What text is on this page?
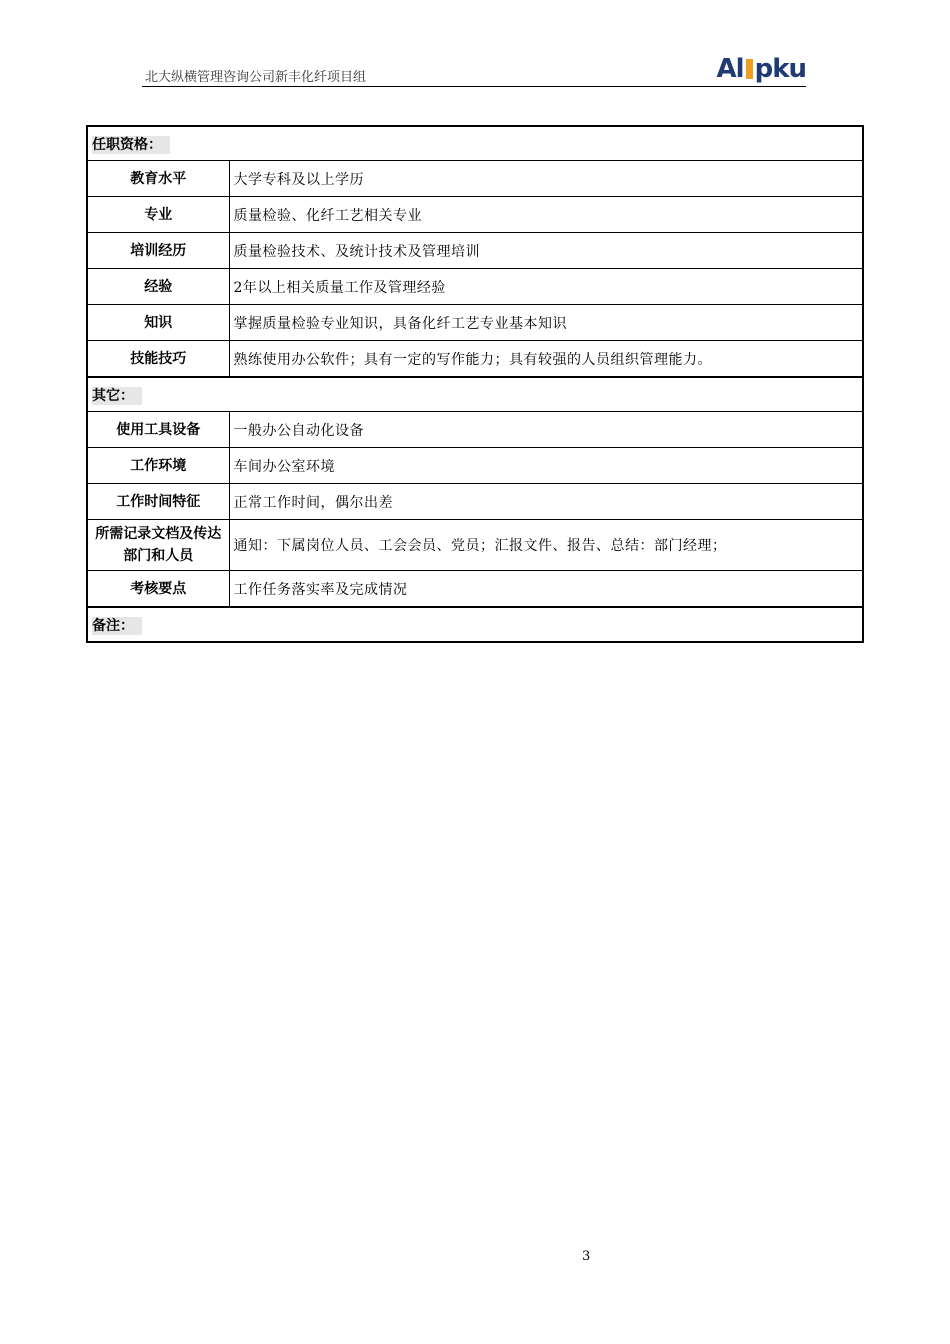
北大纵横管理咨询公司新丰化纤项目组	Al pku
任职资格：	
教育水平	大学专科及以上学历
专业	质量检验、化纤工艺相关专业
培训经历	质量检验技术、及统计技术及管理培训
经验	2年以上相关质量工作及管理经验
知识	掌握质量检验专业知识，具备化纤工艺专业基本知识
技能技巧	熟练使用办公软件；具有一定的写作能力；具有较强的人员组织管理能力。
其它：	
使用工具设备	一般办公自动化设备
工作环境	车间办公室环境
工作时间特征	正常工作时间，偶尔出差
所需记录文档及传达部门和人员	通知：下属岗位人员、工会会员、党员；汇报文件、报告、总结：部门经理；
考核要点	工作任务落实率及完成情况
备注：	
3
